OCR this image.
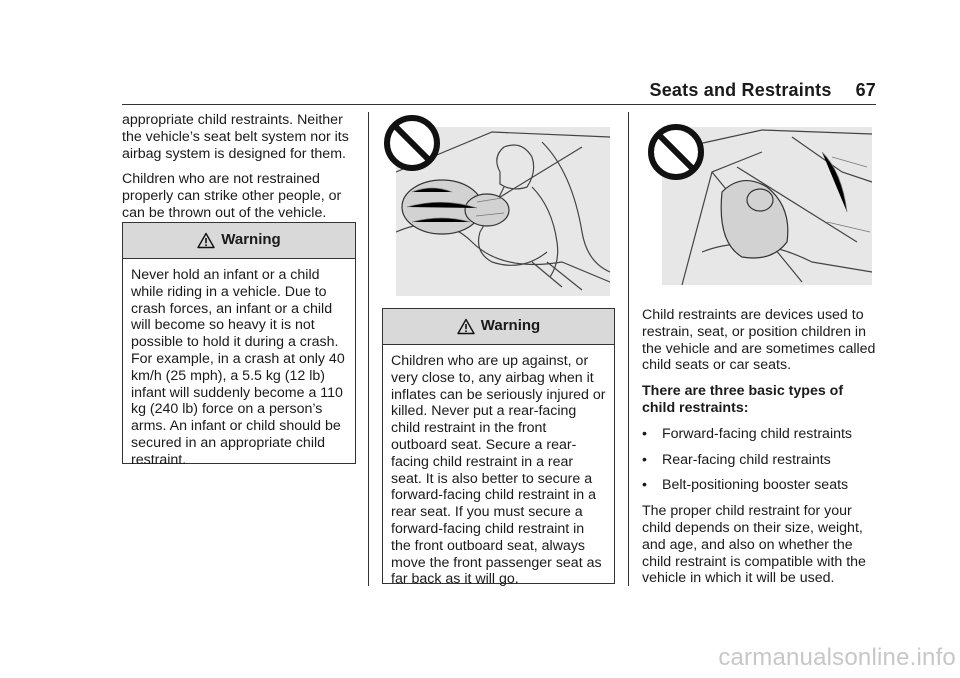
Seats and Restraints 67

appropriate child restraints. Neither the vehicle’s seat belt system nor its airbag system is designed for them.

Children who are not restrained properly can strike other people, or can be thrown out of the vehicle.

Warning
Never hold an infant or a child while riding in a vehicle. Due to crash forces, an infant or a child will become so heavy it is not possible to hold it during a crash. For example, in a crash at only 40 km/h (25 mph), a 5.5 kg (12 lb) infant will suddenly become a 110 kg (240 lb) force on a person’s arms. An infant or child should be secured in an appropriate child restraint.
Warning
Children who are up against, or very close to, any airbag when it inflates can be seriously injured or killed. Never put a rear-facing child restraint in the front outboard seat. Secure a rear-facing child restraint in a rear seat. It is also better to secure a forward-facing child restraint in a rear seat. If you must secure a forward-facing child restraint in the front outboard seat, always move the front passenger seat as far back as it will go.

Child restraints are devices used to restrain, seat, or position children in the vehicle and are sometimes called child seats or car seats.

There are three basic types of child restraints:

•	Forward-facing child restraints
•	Rear-facing child restraints
•	Belt-positioning booster seats

The proper child restraint for your child depends on their size, weight, and age, and also on whether the child restraint is compatible with the vehicle in which it will be used.

carmanualsonline.info
